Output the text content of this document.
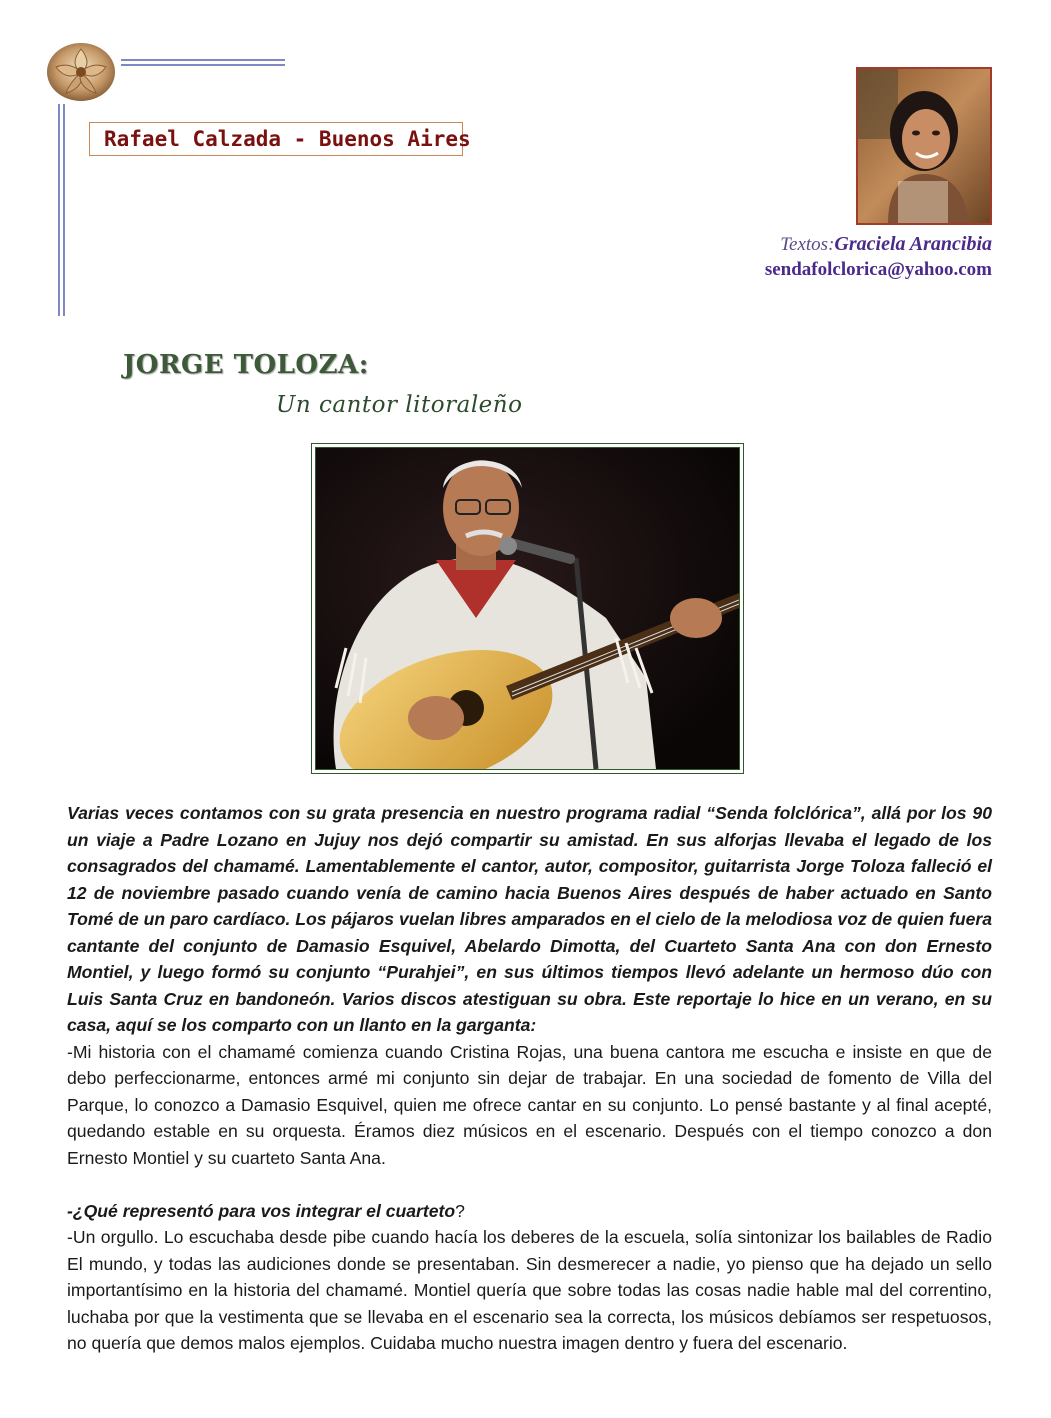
Rafael Calzada - Buenos Aires
Textos:Graciela Arancibia
sendafolclorica@yahoo.com
JORGE TOLOZA:
Un cantor litoraleño

Varias veces contamos con su grata presencia en nuestro programa radial “Senda folclórica”, allá por los 90 un viaje a Padre Lozano en Jujuy nos dejó compartir su amistad. En sus alforjas llevaba el legado de los consagrados del chamamé. Lamentablemente el cantor, autor, compositor, guitarrista Jorge Toloza falleció el 12 de noviembre pasado cuando venía de camino hacia Buenos Aires después de haber actuado en Santo Tomé de un paro cardíaco. Los pájaros vuelan libres amparados en el cielo de la melodiosa voz de quien fuera cantante del conjunto de Damasio Esquivel, Abelardo Dimotta, del Cuarteto Santa Ana con don Ernesto Montiel, y luego formó su conjunto “Purahjei”, en sus últimos tiempos llevó adelante un hermoso dúo con Luis Santa Cruz en bandoneón. Varios discos atestiguan su obra. Este reportaje lo hice en un verano, en su casa, aquí se los comparto con un llanto en la garganta:

-Mi historia con el chamamé comienza cuando Cristina Rojas, una buena cantora me escucha e insiste en que de debo perfeccionarme, entonces armé mi conjunto sin dejar de trabajar. En una sociedad de fomento de Villa del Parque, lo conozco a Damasio Esquivel, quien me ofrece cantar en su conjunto. Lo pensé bastante y al final acepté, quedando estable en su orquesta. Éramos diez músicos en el escenario. Después con el tiempo conozco a don Ernesto Montiel y su cuarteto Santa Ana.

-¿Qué representó para vos integrar el cuarteto?

-Un orgullo. Lo escuchaba desde pibe cuando hacía los deberes de la escuela, solía sintonizar los bailables de Radio El mundo, y todas las audiciones donde se presentaban. Sin desmerecer a nadie, yo pienso que ha dejado un sello importantísimo en la historia del chamamé. Montiel quería que sobre todas las cosas nadie hable mal del correntino, luchaba por que la vestimenta que se llevaba en el escenario sea la correcta, los músicos debíamos ser respetuosos, no quería que demos malos ejemplos. Cuidaba mucho nuestra imagen dentro y fuera del escenario.
